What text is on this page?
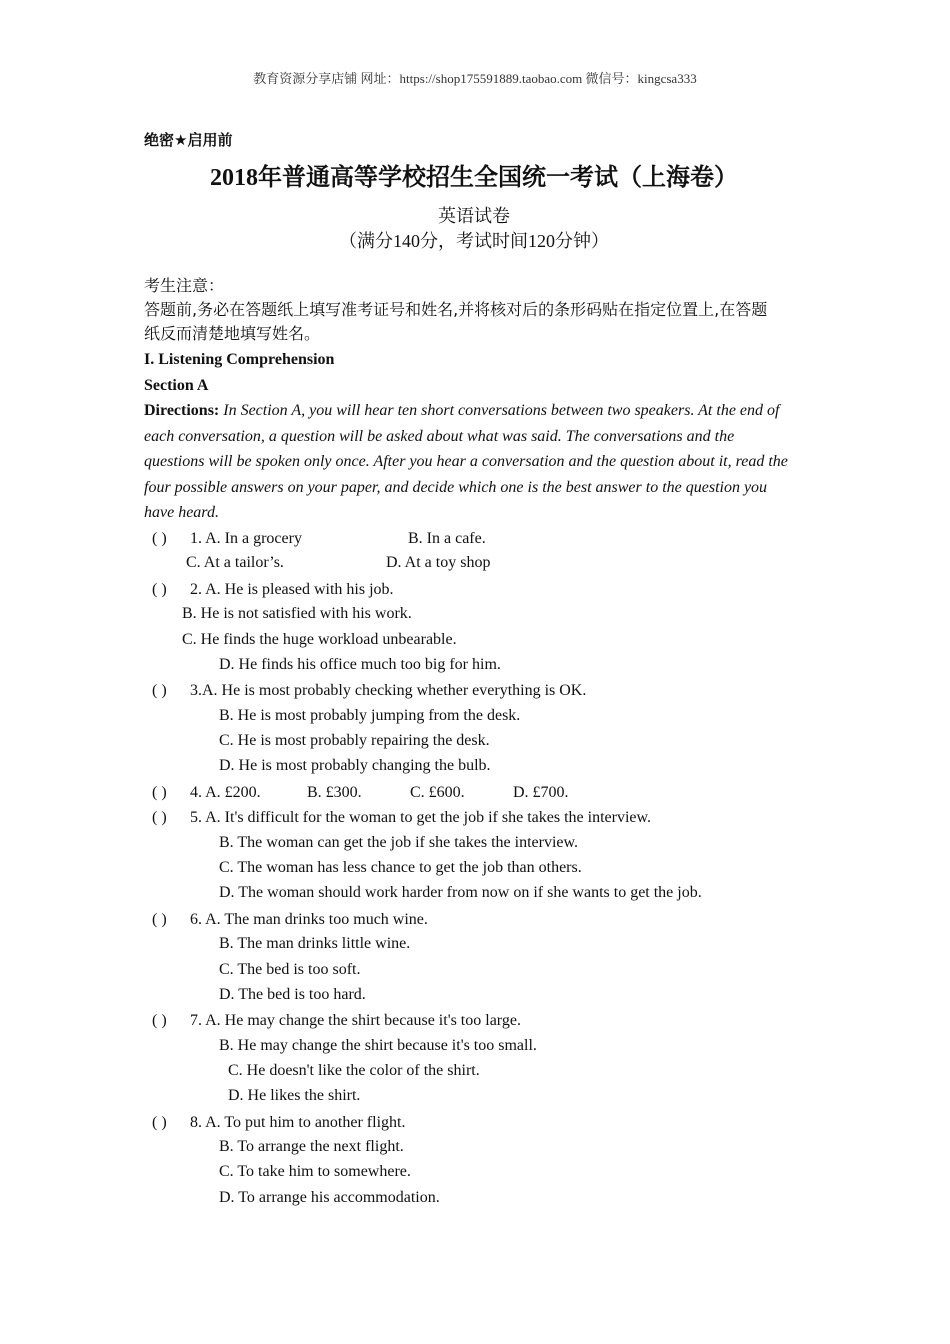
教育资源分享店铺 网址：https://shop175591889.taobao.com 微信号：kingcsa333
绝密★启用前
2018年普通高等学校招生全国统一考试（上海卷）
英语试卷
（满分140分，考试时间120分钟）
考生注意：
答题前,务必在答题纸上填写准考证号和姓名,并将核对后的条形码贴在指定位置上,在答题
纸反而清楚地填写姓名。
I. Listening Comprehension
Section A
Directions: In Section A, you will hear ten short conversations between two speakers. At the end of each conversation, a question will be asked about what was said. The conversations and the questions will be spoken only once. After you hear a conversation and the question about it, read the four possible answers on your paper, and decide which one is the best answer to the question you have heard.
( ) 1. A. In a grocery	B. In a cafe.
C. At a tailor’s.	D. At a toy shop
( ) 2. A. He is pleased with his job.
B. He is not satisfied with his work.
C. He finds the huge workload unbearable.
D. He finds his office much too big for him.
( ) 3.A. He is most probably checking whether everything is OK.
B. He is most probably jumping from the desk.
C. He is most probably repairing the desk.
D. He is most probably changing the bulb.
( ) 4. A. £200.	B. £300.	C. £600.	D. £700.
( ) 5. A. It's difficult for the woman to get the job if she takes the interview.
B. The woman can get the job if she takes the interview.
C. The woman has less chance to get the job than others.
D. The woman should work harder from now on if she wants to get the job.
( ) 6. A. The man drinks too much wine.
B. The man drinks little wine.
C. The bed is too soft.
D. The bed is too hard.
( ) 7. A. He may change the shirt because it's too large.
B. He may change the shirt because it's too small.
C. He doesn't like the color of the shirt.
D. He likes the shirt.
( ) 8. A. To put him to another flight.
B. To arrange the next flight.
C. To take him to somewhere.
D. To arrange his accommodation.
